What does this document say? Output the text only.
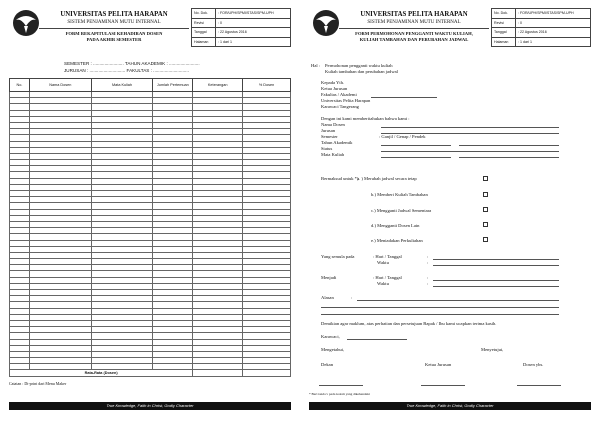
UNIVERSITAS PELITA HARAPAN
SISTEM PENJAMINAN MUTU INTERNAL
FORM REKAPITULASI KEHADIRAN DOSEN
PADA AKHIR SEMESTER
No. Dok.	: FOR/UPH/SPMI/STAS/SPM-UPH
Revisi	: 0
Tanggal	: 22 Agustus 2016
Halaman	: 1 dari 1
SEMESTER : ........................ TAHUN AKADEMIK : ........................
JURUSAN : ............................ FAKULTAS : ............................
No.	Nama Dosen	Mata Kuliah	Jumlah Pertemuan	Keterangan	% Dosen

Rata-Rata (Dosen)					
Catatan : Di-print dari Menu Maker
True Knowledge, Faith in Christ, Godly Character
UNIVERSITAS PELITA HARAPAN
SISTEM PENJAMINAN MUTU INTERNAL
FORM PERMOHONAN PENGGANTI WAKTU KULIAH,
KULIAH TAMBAHAN DAN PERUBAHAN JADWAL
No. Dok.	: FOR/UPH/SPMI/STAS/SPM-UPH
Revisi	: 0
Tanggal	: 22 Agustus 2016
Halaman	: 1 dari 1
Hal : Permohonan pengganti waktu kuliah
Kuliah tambahan dan perubahan jadwal
Kepada Yth.
Ketua Jurusan
Fakultas / Akademi
Universitas Pelita Harapan
Karawaci Tangerang
Dengan ini kami memberitahukan bahwa kami :
Nama Dosen
Jurusan
Semester	: Ganjil / Genap / Pendek
Tahun Akademik
Status
Mata Kuliah
Bermaksud untuk *)
a. ) Merubah jadwal secara tetap
b.) Memberi Kuliah Tambahan
c.) Mengganti Jadwal Sementara
d.) Mengganti Dosen Lain
e.) Meniadakan Perkuliahan
Yang semula pada	: Hari / Tanggal
Waktu
:
:
Menjadi	: Hari / Tanggal
Waktu
:
:
Alasan	:
Demikian agar maklum, atas perhatian dan persetujuan Bapak / Ibu kami ucapkan terima kasih.
Karawaci,
Mengetahui,	Menyetujui,
Dekan	Ketua Jurusan	Dosen ybs.
* Beri tanda v pada kolom yang dikehendaki
True Knowledge, Faith in Christ, Godly Character
